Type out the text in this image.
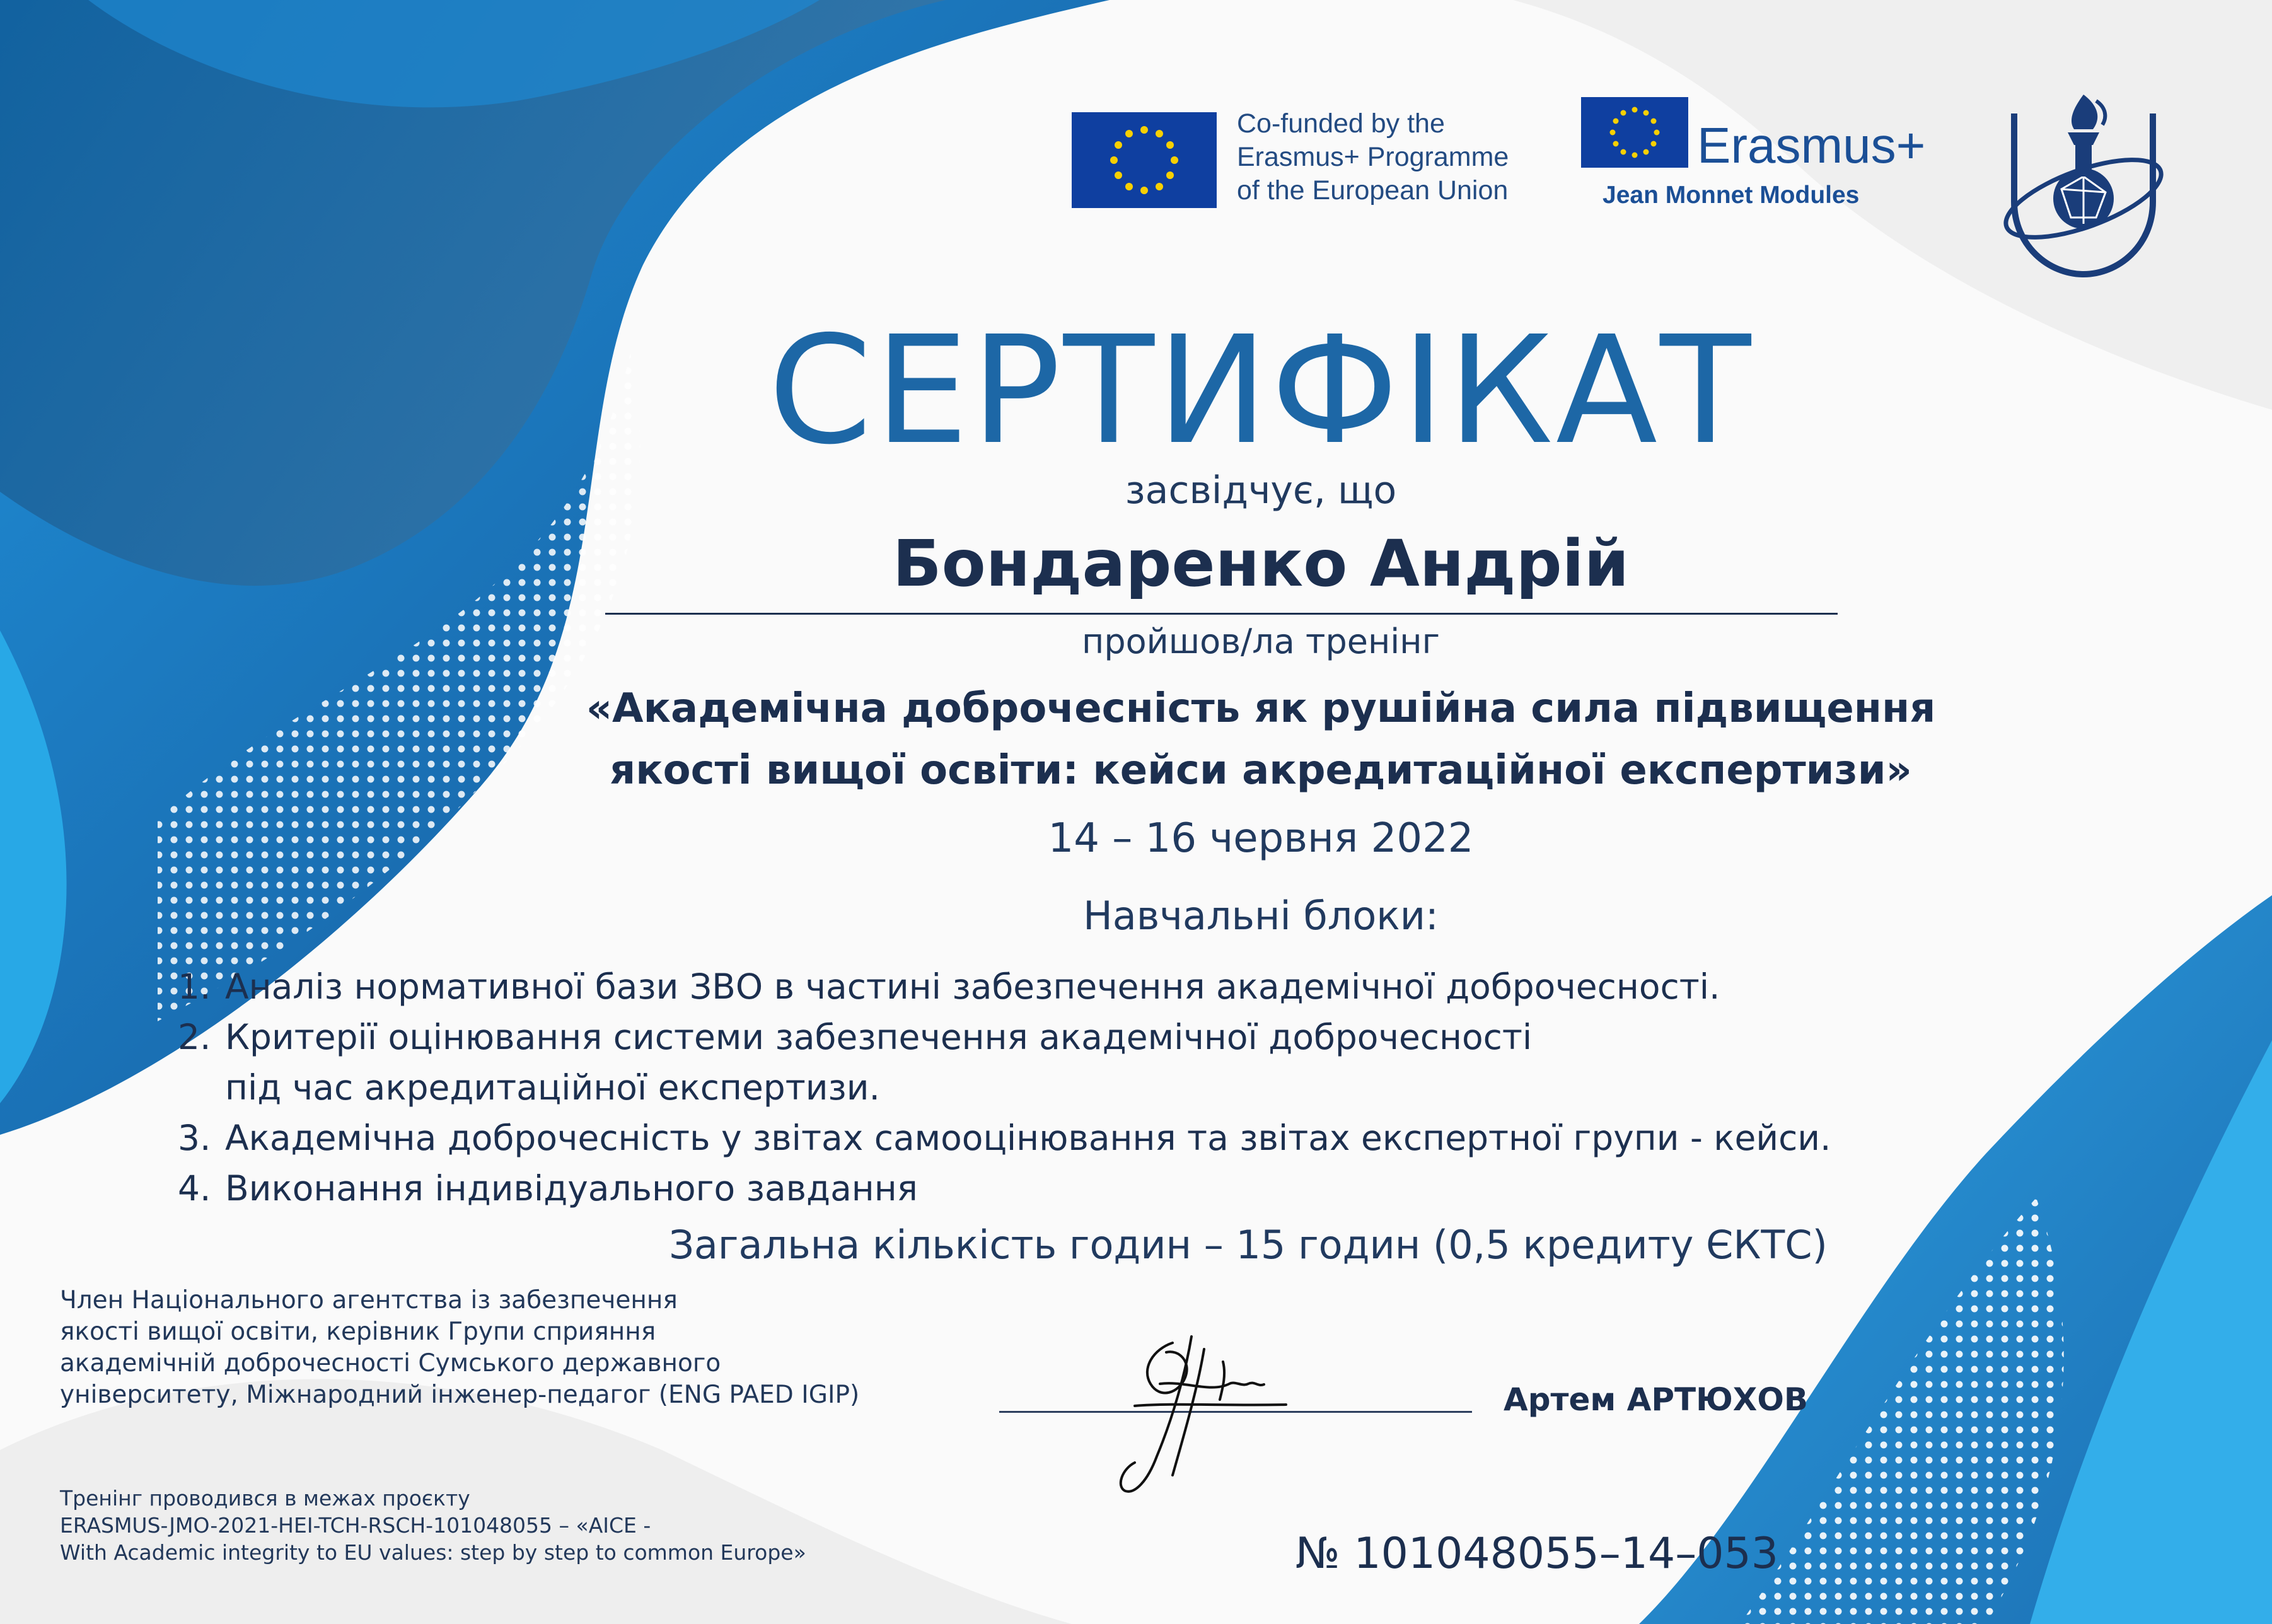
Co-funded by the
Erasmus+ Programme
of the European Union
Erasmus+
Jean Monnet Modules
СЕРТИФІКАТ
засвідчує, що
Бондаренко Андрій
пройшов/ла тренінг
«Академічна доброчесність як рушійна сила підвищення
якості вищої освіти: кейси акредитаційної експертизи»
14 – 16 червня 2022
Навчальні блоки:
1. Аналіз нормативної бази ЗВО в частині забезпечення академічної доброчесності.
2. Критерії оцінювання системи забезпечення академічної доброчесності
під час акредитаційної експертизи.
3. Академічна доброчесність у звітах самооцінювання та звітах експертної групи - кейси.
4. Виконання індивідуального завдання
Загальна кількість годин – 15 годин (0,5 кредиту ЄКТС)
Член Національного агентства із забезпечення
якості вищої освіти, керівник Групи сприяння
академічній доброчесності Сумського державного
університету, Міжнародний інженер-педагог (ENG PAED IGIP)	Артем АРТЮХОВ
Тренінг проводився в межах проєкту
ERASMUS-JMO-2021-HEI-TCH-RSCH-101048055 – «AICE -
With Academic integrity to EU values: step by step to common Europe»	№ 101048055–14–053
